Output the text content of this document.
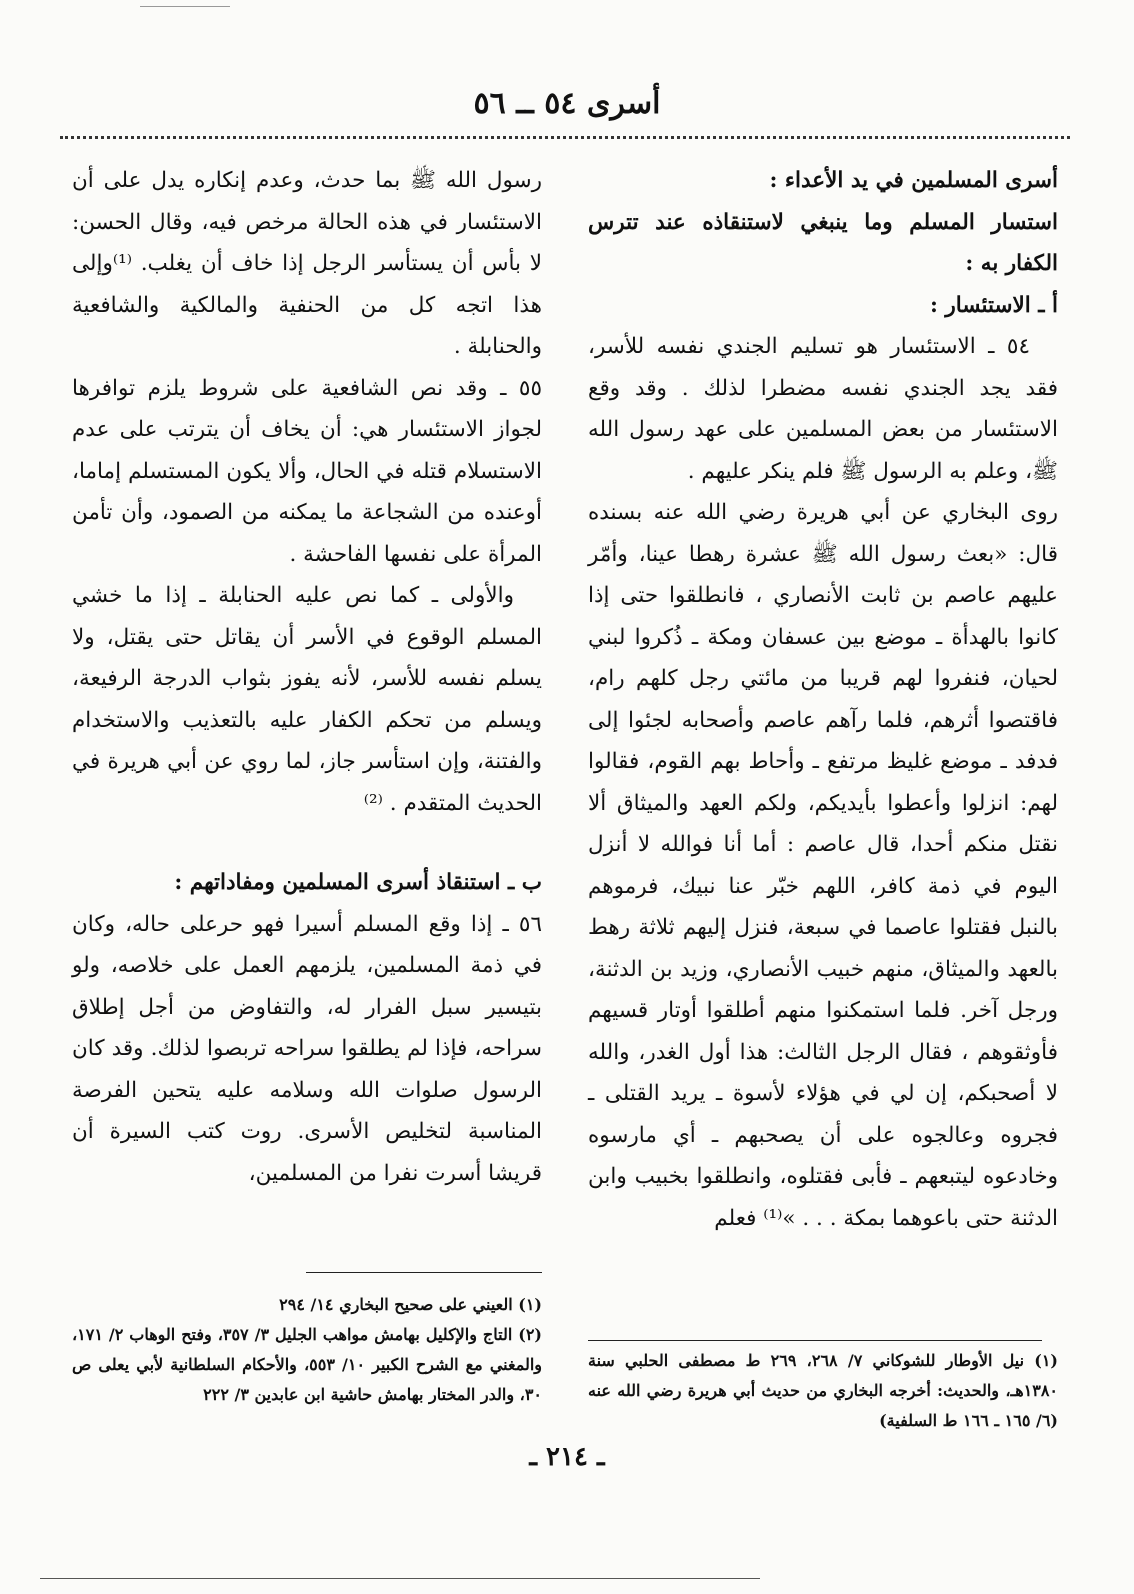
أسرى ٥٤ ــ ٥٦

أسرى المسلمين في يد الأعداء :

استسار المسلم وما ينبغي لاستنقاذه عند تترس الكفار به :

أ ـ الاستئسار :

٥٤ ـ الاستئسار هو تسليم الجندي نفسه للأسر، فقد يجد الجندي نفسه مضطرا لذلك . وقد وقع الاستئسار من بعض المسلمين على عهد رسول الله ﷺ، وعلم به الرسول ﷺ فلم ينكر عليهم .

روى البخاري عن أبي هريرة رضي الله عنه بسنده قال: «بعث رسول الله ﷺ عشرة رهطا عينا، وأمّر عليهم عاصم بن ثابت الأنصاري ، فانطلقوا حتى إذا كانوا بالهدأة ـ موضع بين عسفان ومكة ـ ذُكروا لبني لحيان، فنفروا لهم قريبا من مائتي رجل كلهم رام، فاقتصوا أثرهم، فلما رآهم عاصم وأصحابه لجئوا إلى فدفد ـ موضع غليظ مرتفع ـ وأحاط بهم القوم، فقالوا لهم: انزلوا وأعطوا بأيديكم، ولكم العهد والميثاق ألا نقتل منكم أحدا، قال عاصم : أما أنا فوالله لا أنزل اليوم في ذمة كافر، اللهم خبّر عنا نبيك، فرموهم بالنبل فقتلوا عاصما في سبعة، فنزل إليهم ثلاثة رهط بالعهد والميثاق، منهم خبيب الأنصاري، وزيد بن الدثنة، ورجل آخر. فلما استمكنوا منهم أطلقوا أوتار قسيهم فأوثقوهم ، فقال الرجل الثالث: هذا أول الغدر، والله لا أصحبكم، إن لي في هؤلاء لأسوة ـ يريد القتلى ـ فجروه وعالجوه على أن يصحبهم ـ أي مارسوه وخادعوه ليتبعهم ـ فأبى فقتلوه، وانطلقوا بخبيب وابن الدثنة حتى باعوهما بمكة . . . »⁽¹⁾ فعلم

(١) نيل الأوطار للشوكاني ٧/ ٢٦٨، ٢٦٩ ط مصطفى الحلبي سنة ١٣٨٠هـ، والحديث: أخرجه البخاري من حديث أبي هريرة رضي الله عنه (٦/ ١٦٥ ـ ١٦٦ ط السلفية)

رسول الله ﷺ بما حدث، وعدم إنكاره يدل على أن الاستئسار في هذه الحالة مرخص فيه، وقال الحسن: لا بأس أن يستأسر الرجل إذا خاف أن يغلب. ⁽¹⁾وإلى هذا اتجه كل من الحنفية والمالكية والشافعية والحنابلة .

٥٥ ـ وقد نص الشافعية على شروط يلزم توافرها لجواز الاستئسار هي: أن يخاف أن يترتب على عدم الاستسلام قتله في الحال، وألا يكون المستسلم إماما، أوعنده من الشجاعة ما يمكنه من الصمود، وأن تأمن المرأة على نفسها الفاحشة .

والأولى ـ كما نص عليه الحنابلة ـ إذا ما خشي المسلم الوقوع في الأسر أن يقاتل حتى يقتل، ولا يسلم نفسه للأسر، لأنه يفوز بثواب الدرجة الرفيعة، ويسلم من تحكم الكفار عليه بالتعذيب والاستخدام والفتنة، وإن استأسر جاز، لما روي عن أبي هريرة في الحديث المتقدم . ⁽²⁾

ب ـ استنقاذ أسرى المسلمين ومفاداتهم :

٥٦ ـ إذا وقع المسلم أسيرا فهو حرعلى حاله، وكان في ذمة المسلمين، يلزمهم العمل على خلاصه، ولو بتيسير سبل الفرار له، والتفاوض من أجل إطلاق سراحه، فإذا لم يطلقوا سراحه تربصوا لذلك. وقد كان الرسول صلوات الله وسلامه عليه يتحين الفرصة المناسبة لتخليص الأسرى. روت كتب السيرة أن قريشا أسرت نفرا من المسلمين،

(١) العيني على صحيح البخاري ١٤/ ٢٩٤

(٢) التاج والإكليل بهامش مواهب الجليل ٣/ ٣٥٧، وفتح الوهاب ٢/ ١٧١، والمغني مع الشرح الكبير ١٠/ ٥٥٣، والأحكام السلطانية لأبي يعلى ص ٣٠، والدر المختار بهامش حاشية ابن عابدين ٣/ ٢٢٢

ـ ٢١٤ ـ
